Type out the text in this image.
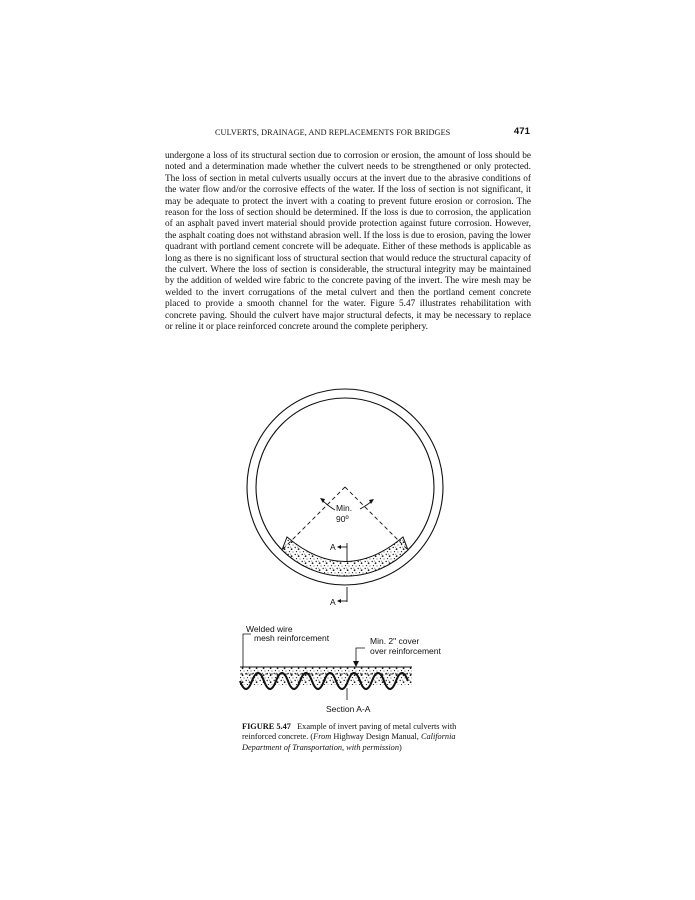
CULVERTS, DRAINAGE, AND REPLACEMENTS FOR BRIDGES	471

undergone a loss of its structural section due to corrosion or erosion, the amount of loss should be noted and a determination made whether the culvert needs to be strengthened or only protected. The loss of section in metal culverts usually occurs at the invert due to the abrasive conditions of the water flow and/or the corrosive effects of the water. If the loss of section is not significant, it may be adequate to protect the invert with a coating to prevent future erosion or corrosion. The reason for the loss of section should be determined. If the loss is due to corrosion, the application of an asphalt paved invert material should provide protection against future corrosion. However, the asphalt coating does not withstand abrasion well. If the loss is due to erosion, paving the lower quadrant with portland cement concrete will be adequate. Either of these methods is applicable as long as there is no significant loss of structural section that would reduce the structural capacity of the culvert. Where the loss of section is considerable, the structural integrity may be maintained by the addition of welded wire fabric to the concrete paving of the invert. The wire mesh may be welded to the invert corrugations of the metal culvert and then the portland cement concrete placed to provide a smooth channel for the water. Figure 5.47 illustrates rehabilitation with concrete paving. Should the culvert have major structural defects, it may be necessary to replace or reline it or place reinforced concrete around the complete periphery.

Min.
90º
A
A
Welded wire
mesh reinforcement	Min. 2" cover
over reinforcement
Section A-A

FIGURE 5.47 Example of invert paving of metal culverts with reinforced concrete. (From Highway Design Manual, California Department of Transportation, with permission)
